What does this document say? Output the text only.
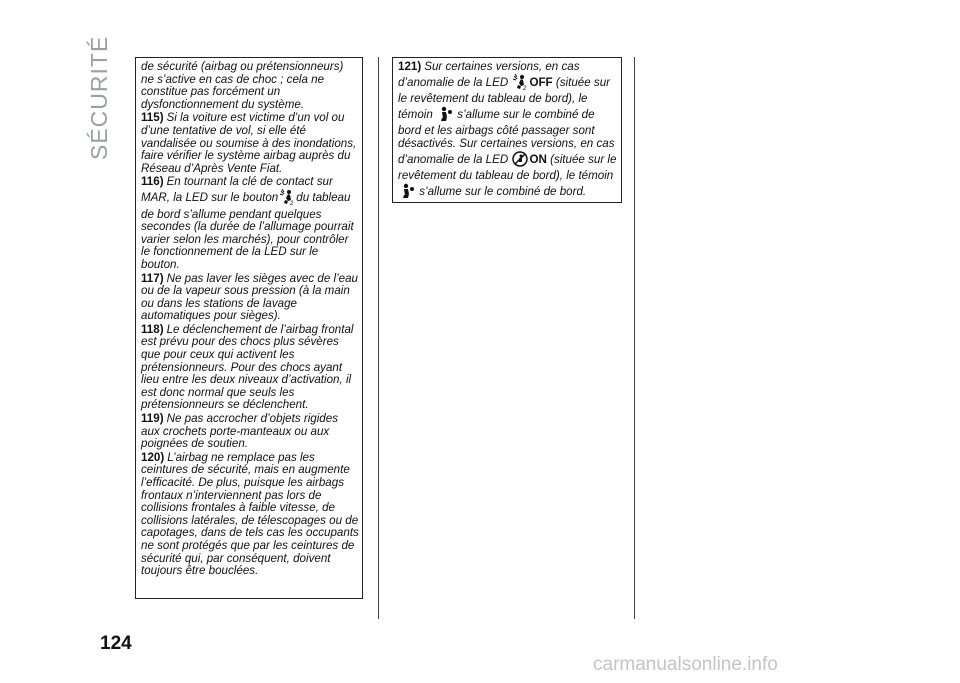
SÉCURITÉ	de sécurité (airbag ou prétensionneurs) ne s’active en cas de choc ; cela ne constitue pas forcément un dysfonctionnement du système.

115) Si la voiture est victime d’un vol ou d’une tentative de vol, si elle été vandalisée ou soumise à des inondations, faire vérifier le système airbag auprès du Réseau d’Après Vente Fiat.

116) En tournant la clé de contact sur MAR, la LED sur le bouton 2 du tableau de bord s’allume pendant quelques secondes (la durée de l’allumage pourrait varier selon les marchés), pour contrôler le fonctionnement de la LED sur le bouton.

117) Ne pas laver les sièges avec de l’eau ou de la vapeur sous pression (à la main ou dans les stations de lavage automatiques pour sièges).

118) Le déclenchement de l’airbag frontal est prévu pour des chocs plus sévères que pour ceux qui activent les prétensionneurs. Pour des chocs ayant lieu entre les deux niveaux d’activation, il est donc normal que seuls les prétensionneurs se déclenchent.

119) Ne pas accrocher d’objets rigides aux crochets porte-manteaux ou aux poignées de soutien.

120) L’airbag ne remplace pas les ceintures de sécurité, mais en augmente l’efficacité. De plus, puisque les airbags frontaux n’interviennent pas lors de collisions frontales à faible vitesse, de collisions latérales, de télescopages ou de capotages, dans de tels cas les occupants ne sont protégés que par les ceintures de sécurité qui, par conséquent, doivent toujours être bouclées.

121) Sur certaines versions, en cas d’anomalie de la LED	2 OFF (située sur le revêtement du tableau de bord), le témoin s’allume sur le combiné de bord et les airbags côté passager sont désactivés. Sur certaines versions, en cas d’anomalie de la LED ON (située sur le revêtement du tableau de bord), le témoin  s’allume sur le combiné de bord.

124
carmanualsonline.info
